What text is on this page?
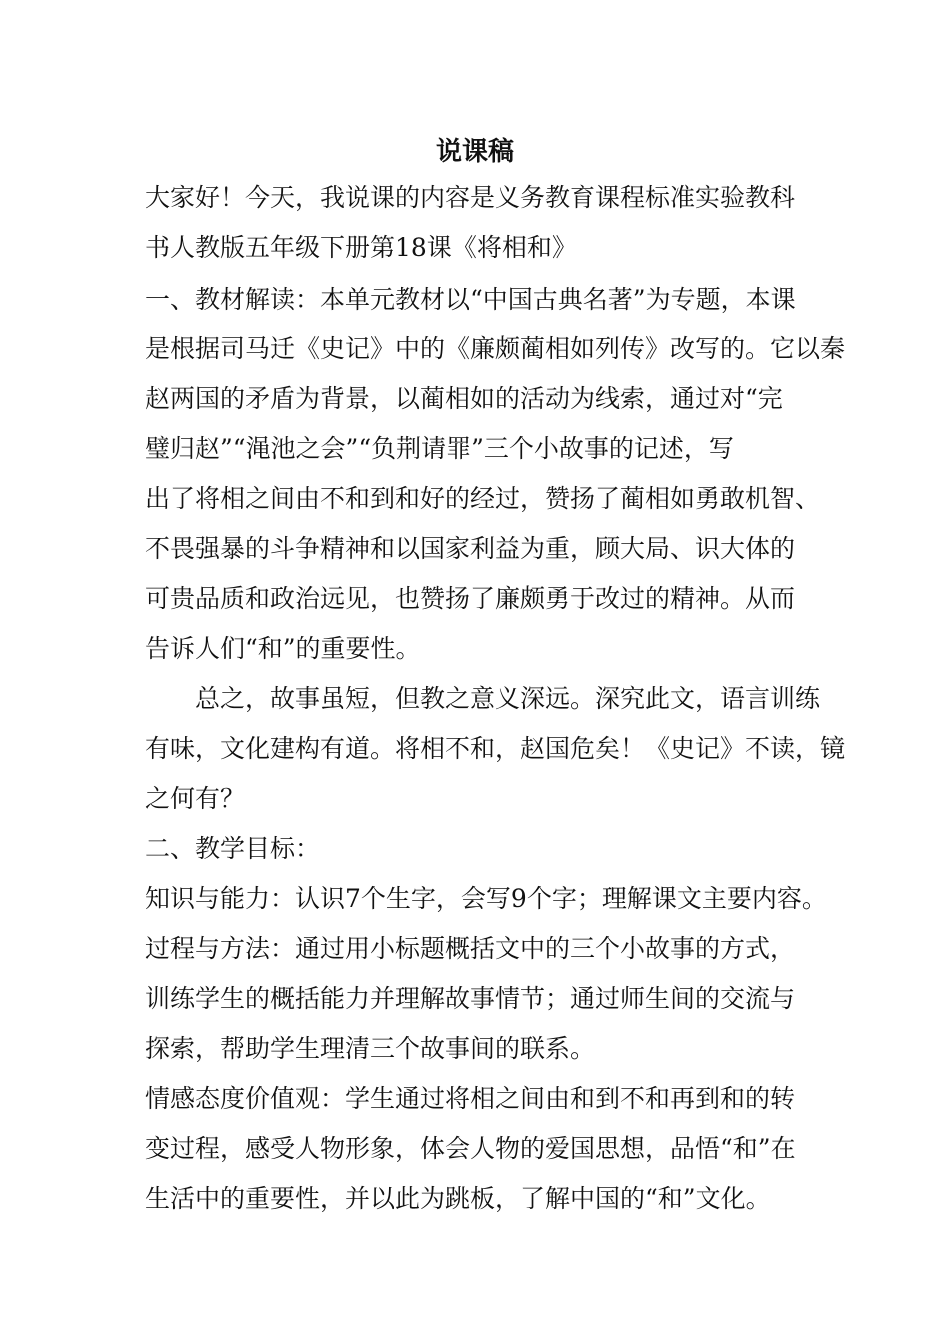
说课稿
大家好！今天，我说课的内容是义务教育课程标准实验教科
书人教版五年级下册第18课《将相和》
一、教材解读：本单元教材以“中国古典名著”为专题，本课
是根据司马迁《史记》中的《廉颇蔺相如列传》改写的。它以秦
赵两国的矛盾为背景，以蔺相如的活动为线索，通过对“完
璧归赵”“渑池之会”“负荆请罪”三个小故事的记述，写
出了将相之间由不和到和好的经过，赞扬了蔺相如勇敢机智、
不畏强暴的斗争精神和以国家利益为重，顾大局、识大体的
可贵品质和政治远见，也赞扬了廉颇勇于改过的精神。从而
告诉人们“和”的重要性。
　　总之，故事虽短，但教之意义深远。深究此文，语言训练
有味，文化建构有道。将相不和，赵国危矣！《史记》不读，镜
之何有？
二、教学目标：
知识与能力：认识7个生字，会写9个字；理解课文主要内容。
过程与方法：通过用小标题概括文中的三个小故事的方式，
训练学生的概括能力并理解故事情节；通过师生间的交流与
探索，帮助学生理清三个故事间的联系。
情感态度价值观：学生通过将相之间由和到不和再到和的转
变过程，感受人物形象，体会人物的爱国思想，品悟“和”在
生活中的重要性，并以此为跳板，了解中国的“和”文化。
